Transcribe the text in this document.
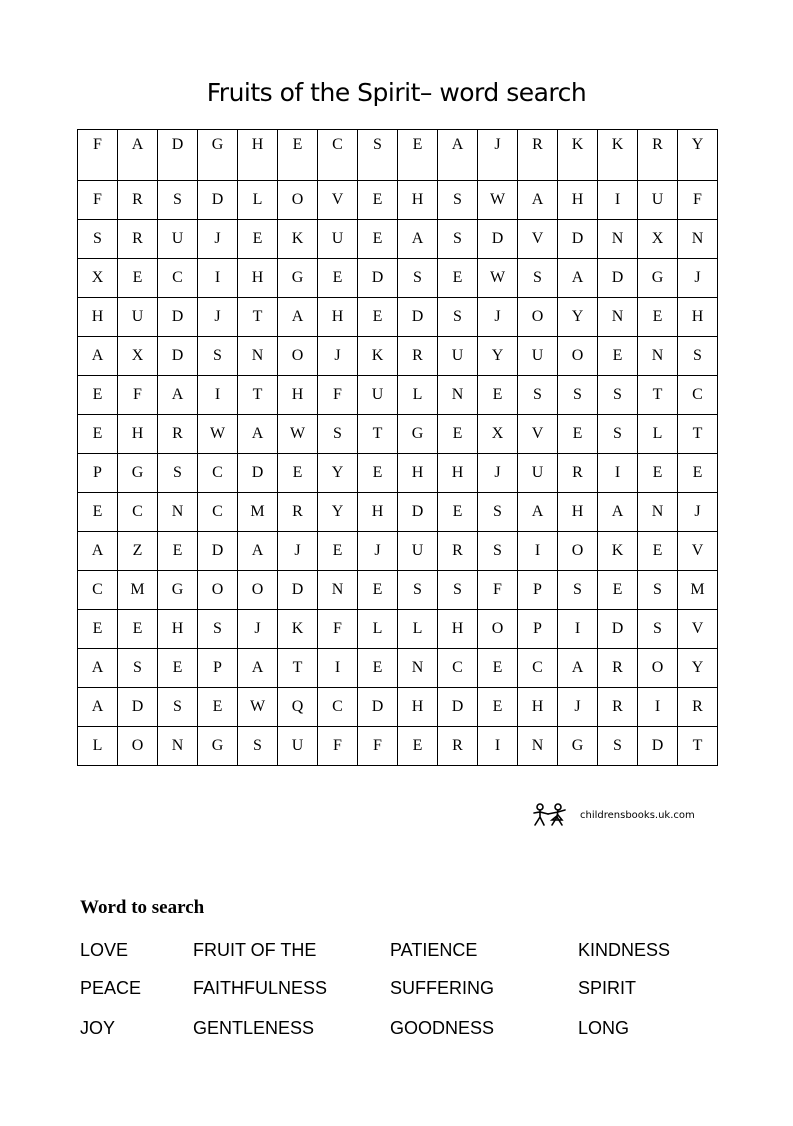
Fruits of the Spirit– word search
F	A	D	G	H	E	C	S	E	A	J	R	K	K	R	Y
F	R	S	D	L	O	V	E	H	S	W	A	H	I	U	F
S	R	U	J	E	K	U	E	A	S	D	V	D	N	X	N
X	E	C	I	H	G	E	D	S	E	W	S	A	D	G	J
H	U	D	J	T	A	H	E	D	S	J	O	Y	N	E	H
A	X	D	S	N	O	J	K	R	U	Y	U	O	E	N	S
E	F	A	I	T	H	F	U	L	N	E	S	S	S	T	C
E	H	R	W	A	W	S	T	G	E	X	V	E	S	L	T
P	G	S	C	D	E	Y	E	H	H	J	U	R	I	E	E
E	C	N	C	M	R	Y	H	D	E	S	A	H	A	N	J
A	Z	E	D	A	J	E	J	U	R	S	I	O	K	E	V
C	M	G	O	O	D	N	E	S	S	F	P	S	E	S	M
E	E	H	S	J	K	F	L	L	H	O	P	I	D	S	V
A	S	E	P	A	T	I	E	N	C	E	C	A	R	O	Y
A	D	S	E	W	Q	C	D	H	D	E	H	J	R	I	R
L	O	N	G	S	U	F	F	E	R	I	N	G	S	D	T
childrensbooks.uk.com
Word to search
LOVE	FRUIT OF THE	PATIENCE	KINDNESS
PEACE	FAITHFULNESS	SUFFERING	SPIRIT
JOY	GENTLENESS	GOODNESS	LONG
